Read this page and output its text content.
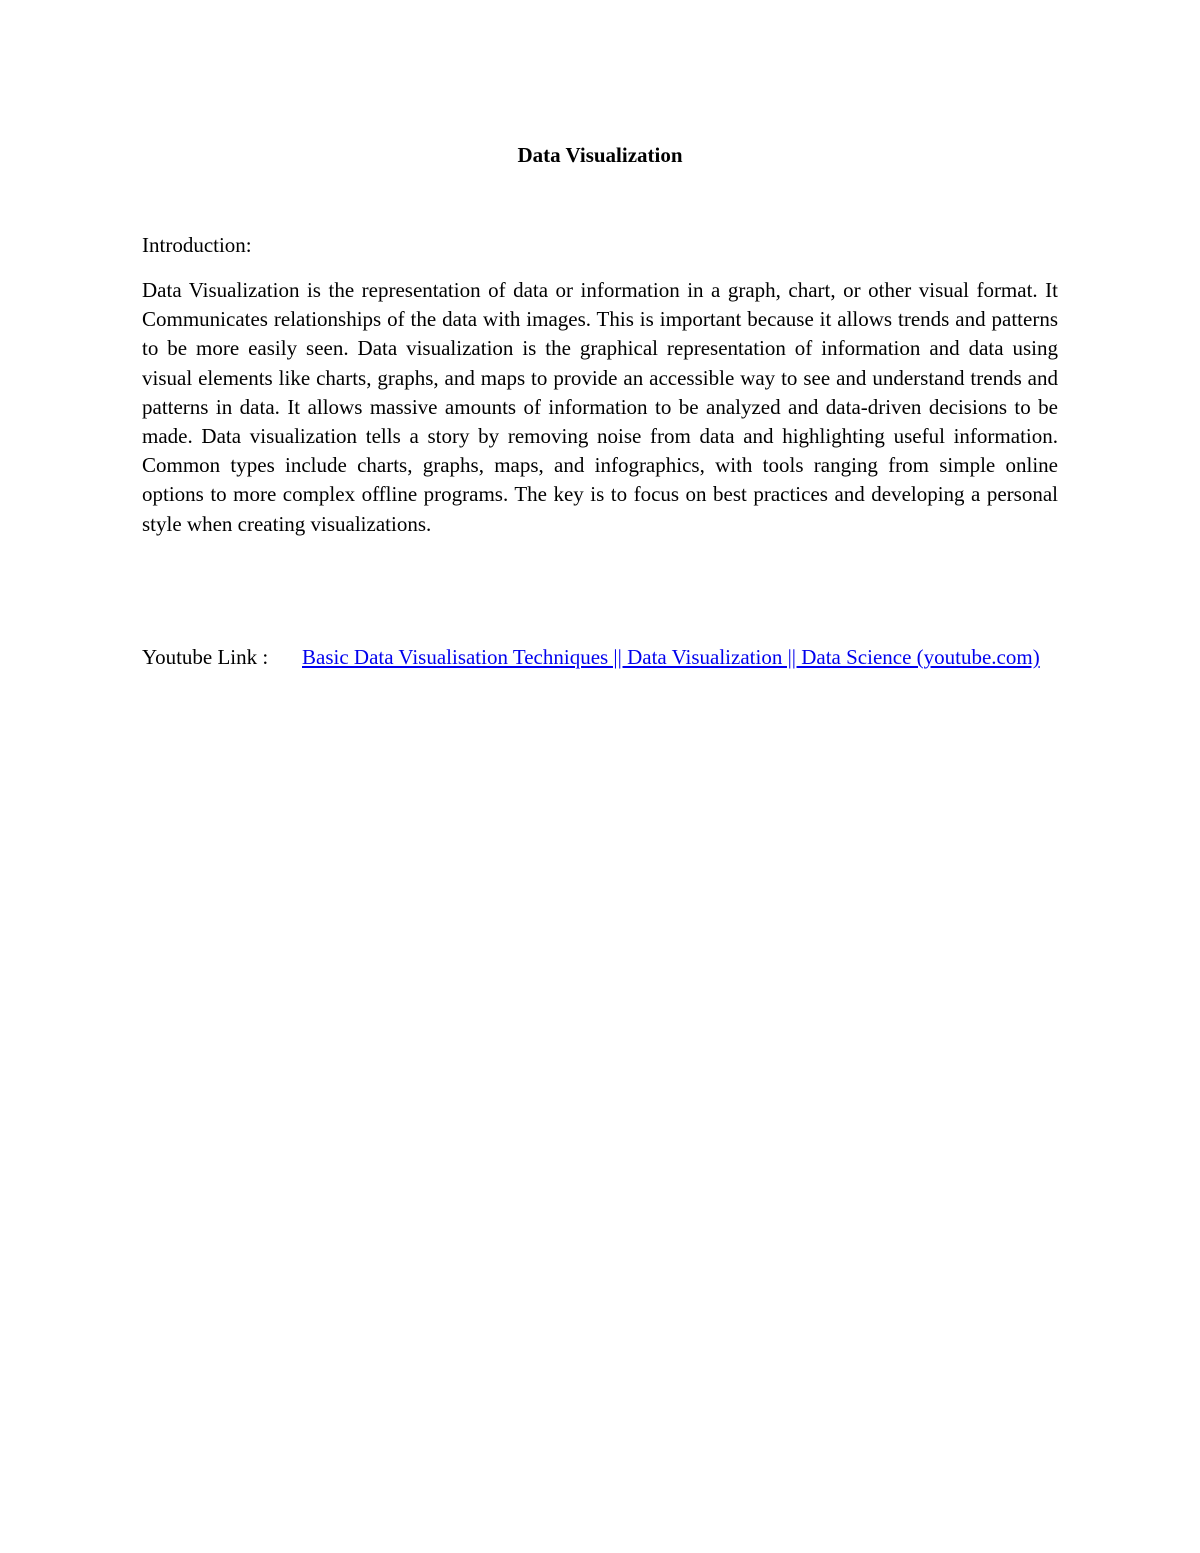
Data Visualization
Introduction:

Data Visualization is the representation of data or information in a graph, chart, or other visual format. It Communicates relationships of the data with images. This is important because it allows trends and patterns to be more easily seen. Data visualization is the graphical representation of information and data using visual elements like charts, graphs, and maps to provide an accessible way to see and understand trends and patterns in data. It allows massive amounts of information to be analyzed and data-driven decisions to be made. Data visualization tells a story by removing noise from data and highlighting useful information. Common types include charts, graphs, maps, and infographics, with tools ranging from simple online options to more complex offline programs. The key is to focus on best practices and developing a personal style when creating visualizations.

Youtube Link : Basic Data Visualisation Techniques || Data Visualization || Data Science (youtube.com)
